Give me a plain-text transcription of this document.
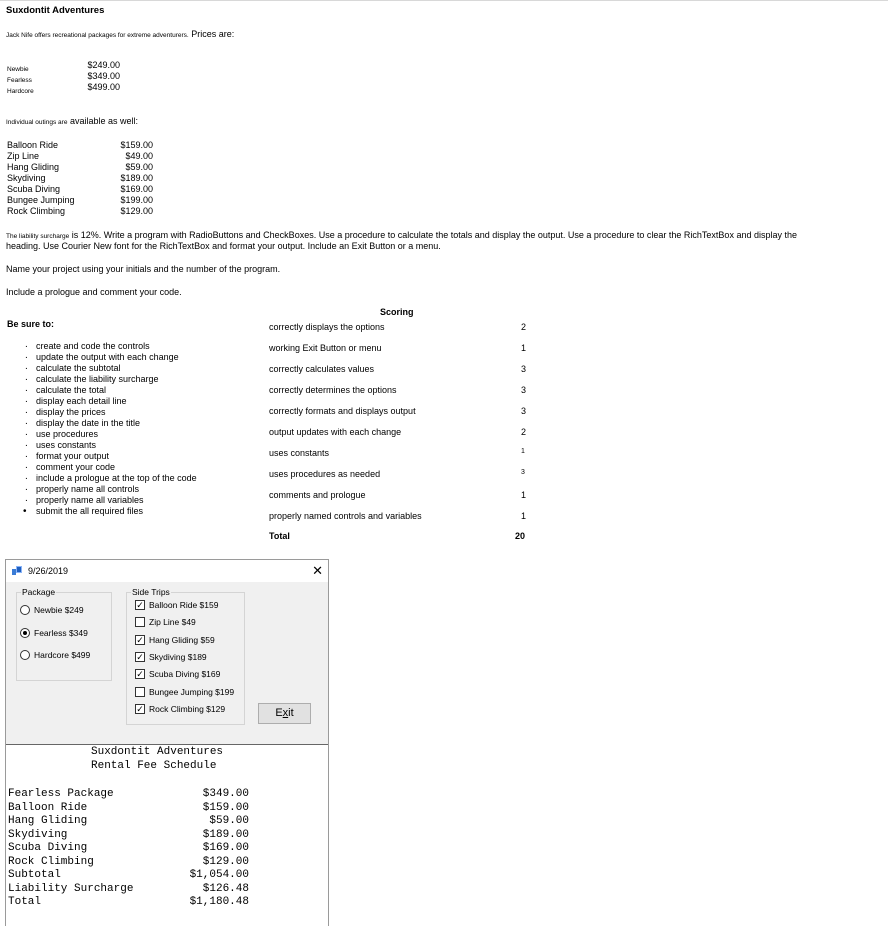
Suxdontit Adventures
Jack Nife offers recreational packages for extreme adventurers. Prices are:
Newbie	$249.00
Fearless	$349.00
Hardcore	$499.00
Individual outings are available as well:
Balloon Ride	$159.00
Zip Line	$49.00
Hang Gliding	$59.00
Skydiving	$189.00
Scuba Diving	$169.00
Bungee Jumping	$199.00
Rock Climbing	$129.00
The liability surcharge is 12%. Write a program with RadioButtons and CheckBoxes. Use a procedure to calculate the totals and display the output. Use a procedure to clear the RichTextBox and display the
heading. Use Courier New font for the RichTextBox and format your output. Include an Exit Button or a menu.
Name your project using your initials and the number of the program.
Include a prologue and comment your code.
Be sure to:
. create and code the controls
. update the output with each change
. calculate the subtotal
. calculate the liability surcharge
. calculate the total
. display each detail line
. display the prices
. display the date in the title
. use procedures
. uses constants
. format your output
. comment your code
. include a prologue at the top of the code
. properly name all controls
. properly name all variables
• submit the all required files
Scoring
correctly displays the options	2
working Exit Button or menu	1
correctly calculates values	3
correctly determines the options	3
correctly formats and displays output	3
output updates with each change	2
uses constants	1
uses procedures as needed	3
comments and prologue	1
properly named controls and variables	1
Total	20
9/26/2019	✕
Package
Newbie $249
Fearless $349
Hardcore $499
Side Trips
✓ Balloon Ride $159
Zip Line $49
✓ Hang Gliding $59
✓ Skydiving $189
✓ Scuba Diving $169
Bungee Jumping $199
✓ Rock Climbing $129	Exit
Suxdontit Adventures
Rental Fee Schedule
Fearless Package	$349.00
Balloon Ride	$159.00
Hang Gliding	$59.00
Skydiving	$189.00
Scuba Diving	$169.00
Rock Climbing	$129.00
Subtotal	$1,054.00
Liability Surcharge	$126.48
Total	$1,180.48
